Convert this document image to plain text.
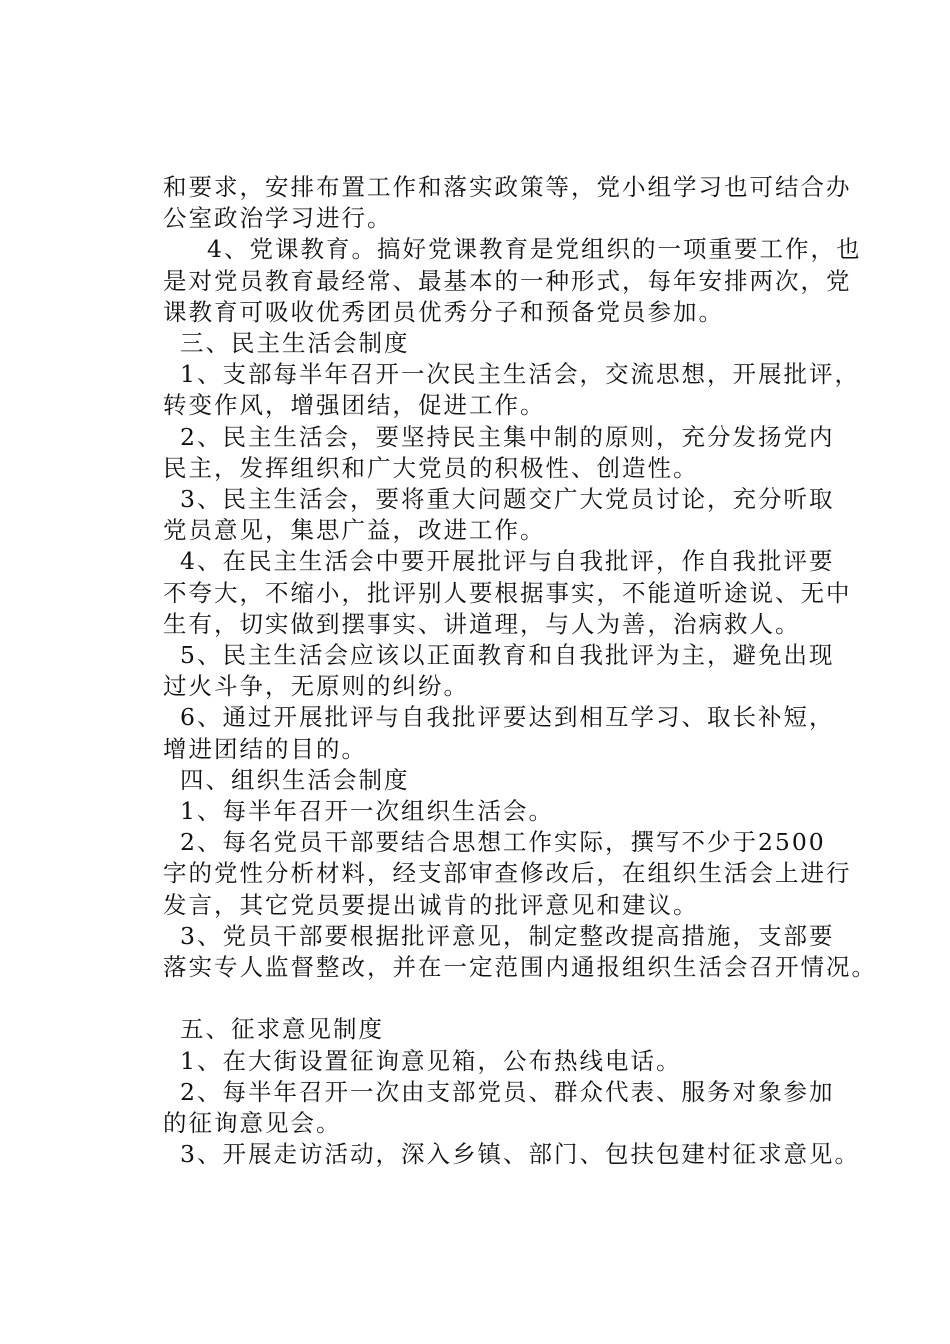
和要求，安排布置工作和落实政策等，党小组学习也可结合办

公室政治学习进行。

4、党课教育。搞好党课教育是党组织的一项重要工作，也

是对党员教育最经常、最基本的一种形式，每年安排两次，党

课教育可吸收优秀团员优秀分子和预备党员参加。

三、民主生活会制度

1、支部每半年召开一次民主生活会，交流思想，开展批评，

转变作风，增强团结，促进工作。

2、民主生活会，要坚持民主集中制的原则，充分发扬党内

民主，发挥组织和广大党员的积极性、创造性。

3、民主生活会，要将重大问题交广大党员讨论，充分听取

党员意见，集思广益，改进工作。

4、在民主生活会中要开展批评与自我批评，作自我批评要

不夸大，不缩小，批评别人要根据事实，不能道听途说、无中

生有，切实做到摆事实、讲道理，与人为善，治病救人。

5、民主生活会应该以正面教育和自我批评为主，避免出现

过火斗争，无原则的纠纷。

6、通过开展批评与自我批评要达到相互学习、取长补短，

增进团结的目的。

四、组织生活会制度

1、每半年召开一次组织生活会。

2、每名党员干部要结合思想工作实际，撰写不少于2500

字的党性分析材料，经支部审查修改后，在组织生活会上进行

发言，其它党员要提出诚肯的批评意见和建议。

3、党员干部要根据批评意见，制定整改提高措施，支部要

落实专人监督整改，并在一定范围内通报组织生活会召开情况。

五、征求意见制度

1、在大街设置征询意见箱，公布热线电话。

2、每半年召开一次由支部党员、群众代表、服务对象参加

的征询意见会。

3、开展走访活动，深入乡镇、部门、包扶包建村征求意见。
